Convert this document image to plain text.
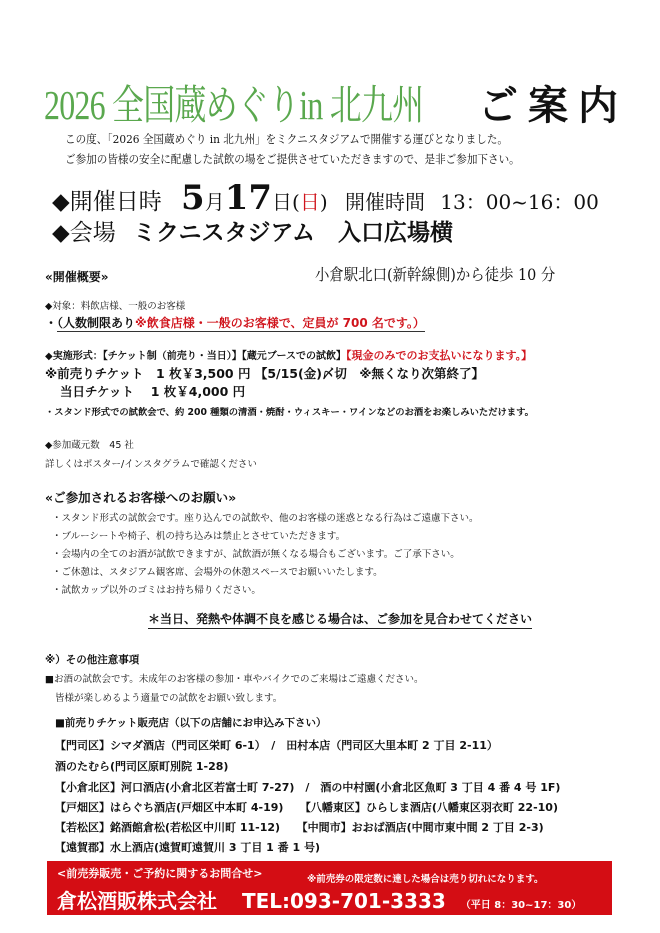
2026 全国蔵めぐりin 北九州 ご案内
この度、「2026 全国蔵めぐり in 北九州」をミクニスタジアムで開催する運びとなりました。
ご参加の皆様の安全に配慮した試飲の場をご提供させていただきますので、是非ご参加下さい。
◆開催日時 5月17日(日) 開催時間 13：00~16：00
◆会場 ミクニスタジアム　入口広場横
«開催概要»	小倉駅北口(新幹線側)から徒歩 10 分
◆対象：料飲店様、一般のお客様
・（人数制限あり※飲食店様・一般のお客様で、定員が 700 名です。）
◆実施形式：【チケット制（前売り・当日）】【蔵元ブースでの試飲】【現金のみでのお支払いになります。】
※前売りチケット　1 枚￥3,500 円 【5/15(金)〆切　※無くなり次第終了】
当日チケット　 1 枚￥4,000 円
・スタンド形式での試飲会で、約 200 種類の清酒・焼酎・ウィスキー・ワインなどのお酒をお楽しみいただけます。
◆参加蔵元数　45 社
詳しくはポスター/インスタグラムで確認ください
«ご参加されるお客様へのお願い»
・スタンド形式の試飲会です。座り込んでの試飲や、他のお客様の迷惑となる行為はご遠慮下さい。
・ブルーシートや椅子、机の持ち込みは禁止とさせていただきます。
・会場内の全てのお酒が試飲できますが、試飲酒が無くなる場合もございます。ご了承下さい。
・ご休憩は、スタジアム観客席、会場外の休憩スペースでお願いいたします。
・試飲カップ以外のゴミはお持ち帰りください。
＊当日、発熱や体調不良を感じる場合は、ご参加を見合わせてください
※）その他注意事項
■お酒の試飲会です。未成年のお客様の参加・車やバイクでのご来場はご遠慮ください。
皆様が楽しめるよう適量での試飲をお願い致します。
■前売りチケット販売店（以下の店舗にお申込み下さい）
【門司区】シマダ酒店（門司区栄町 6-1）　/　田村本店（門司区大里本町 2 丁目 2-11）
酒のたむら(門司区原町別院 1-28)
【小倉北区】河口酒店(小倉北区若富士町 7-27)　/　酒の中村園(小倉北区魚町 3 丁目 4 番 4 号 1F)
【戸畑区】はらぐち酒店(戸畑区中本町 4-19)　　【八幡東区】ひらしま酒店(八幡東区羽衣町 22-10)
【若松区】銘酒館倉松(若松区中川町 11-12)　　【中間市】おおば酒店(中間市東中間 2 丁目 2-3)
【遠賀郡】水上酒店(遠賀町遠賀川 3 丁目 1 番 1 号)
<前売券販売・ご予約に関するお問合せ>	※前売券の限定数に達した場合は売り切れになります。
倉松酒販株式会社 TEL:093-701-3333 （平日 8：30~17：30）
